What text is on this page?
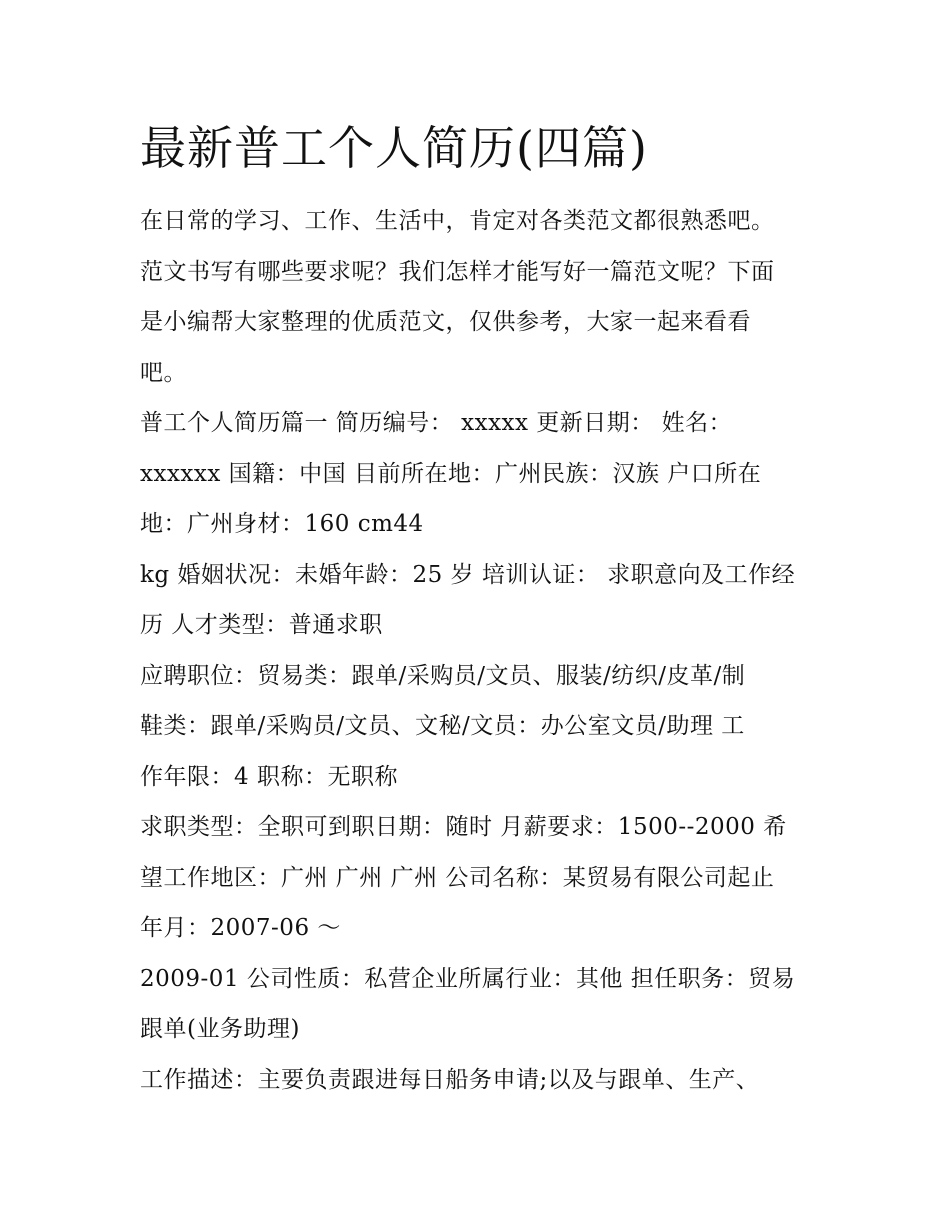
最新普工个人简历(四篇)

在日常的学习、工作、生活中，肯定对各类范文都很熟悉吧。
范文书写有哪些要求呢？我们怎样才能写好一篇范文呢？下面
是小编帮大家整理的优质范文，仅供参考，大家一起来看看
吧。

普工个人简历篇一 简历编号： xxxxx 更新日期： 姓名：
xxxxxx 国籍：中国 目前所在地：广州民族：汉族 户口所在
地：广州身材：160 cm44

kg 婚姻状况：未婚年龄：25 岁 培训认证： 求职意向及工作经
历 人才类型：普通求职

应聘职位：贸易类：跟单/采购员/文员、服装/纺织/皮革/制
鞋类：跟单/采购员/文员、文秘/文员：办公室文员/助理 工
作年限：4 职称：无职称

求职类型：全职可到职日期：随时 月薪要求：1500--2000 希
望工作地区：广州 广州 广州 公司名称：某贸易有限公司起止
年月：2007-06 ～

2009-01 公司性质：私营企业所属行业：其他 担任职务：贸易
跟单(业务助理)

工作描述：主要负责跟进每日船务申请;以及与跟单、生产、
